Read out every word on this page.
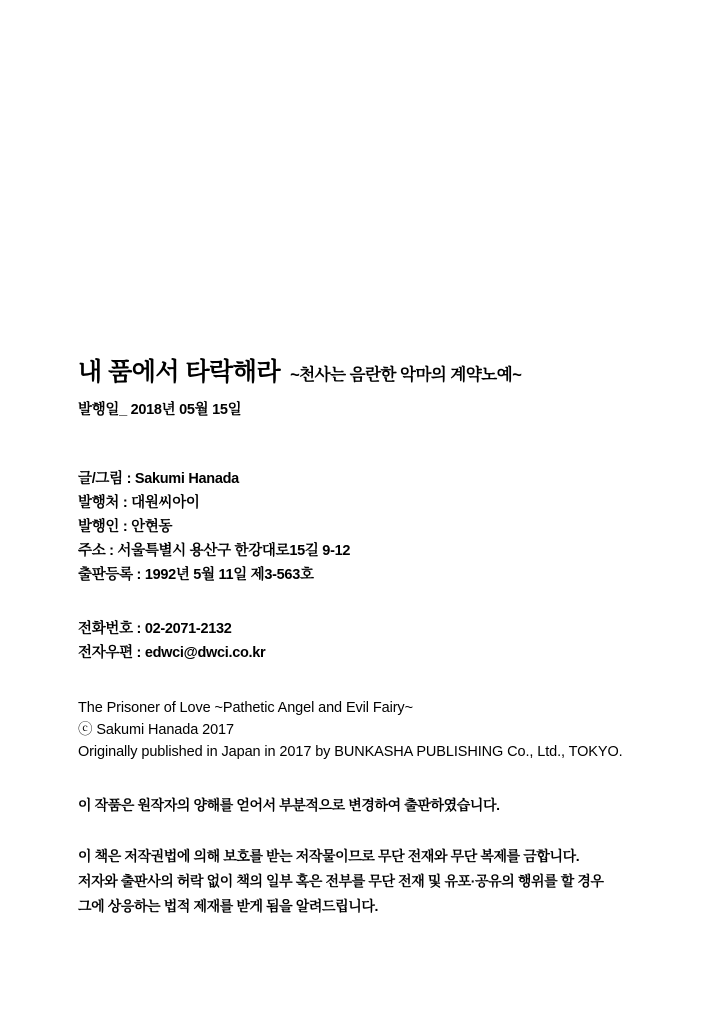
내 품에서 타락해라 ~천사는 음란한 악마의 계약노예~
발행일_ 2018년 05월 15일
글/그림 : Sakumi Hanada
발행처 : 대원씨아이
발행인 : 안현동
주소 : 서울특별시 용산구 한강대로15길 9-12
출판등록 : 1992년 5월 11일 제3-563호
전화번호 : 02-2071-2132
전자우편 : edwci@dwci.co.kr
The Prisoner of Love ~Pathetic Angel and Evil Fairy~
ⓒ Sakumi Hanada 2017
Originally published in Japan in 2017 by BUNKASHA PUBLISHING Co., Ltd., TOKYO.
이 작품은 원작자의 양해를 얻어서 부분적으로 변경하여 출판하였습니다.
이 책은 저작권법에 의해 보호를 받는 저작물이므로 무단 전재와 무단 복제를 금합니다.
저자와 출판사의 허락 없이 책의 일부 혹은 전부를 무단 전재 및 유포·공유의 행위를 할 경우
그에 상응하는 법적 제재를 받게 됨을 알려드립니다.
